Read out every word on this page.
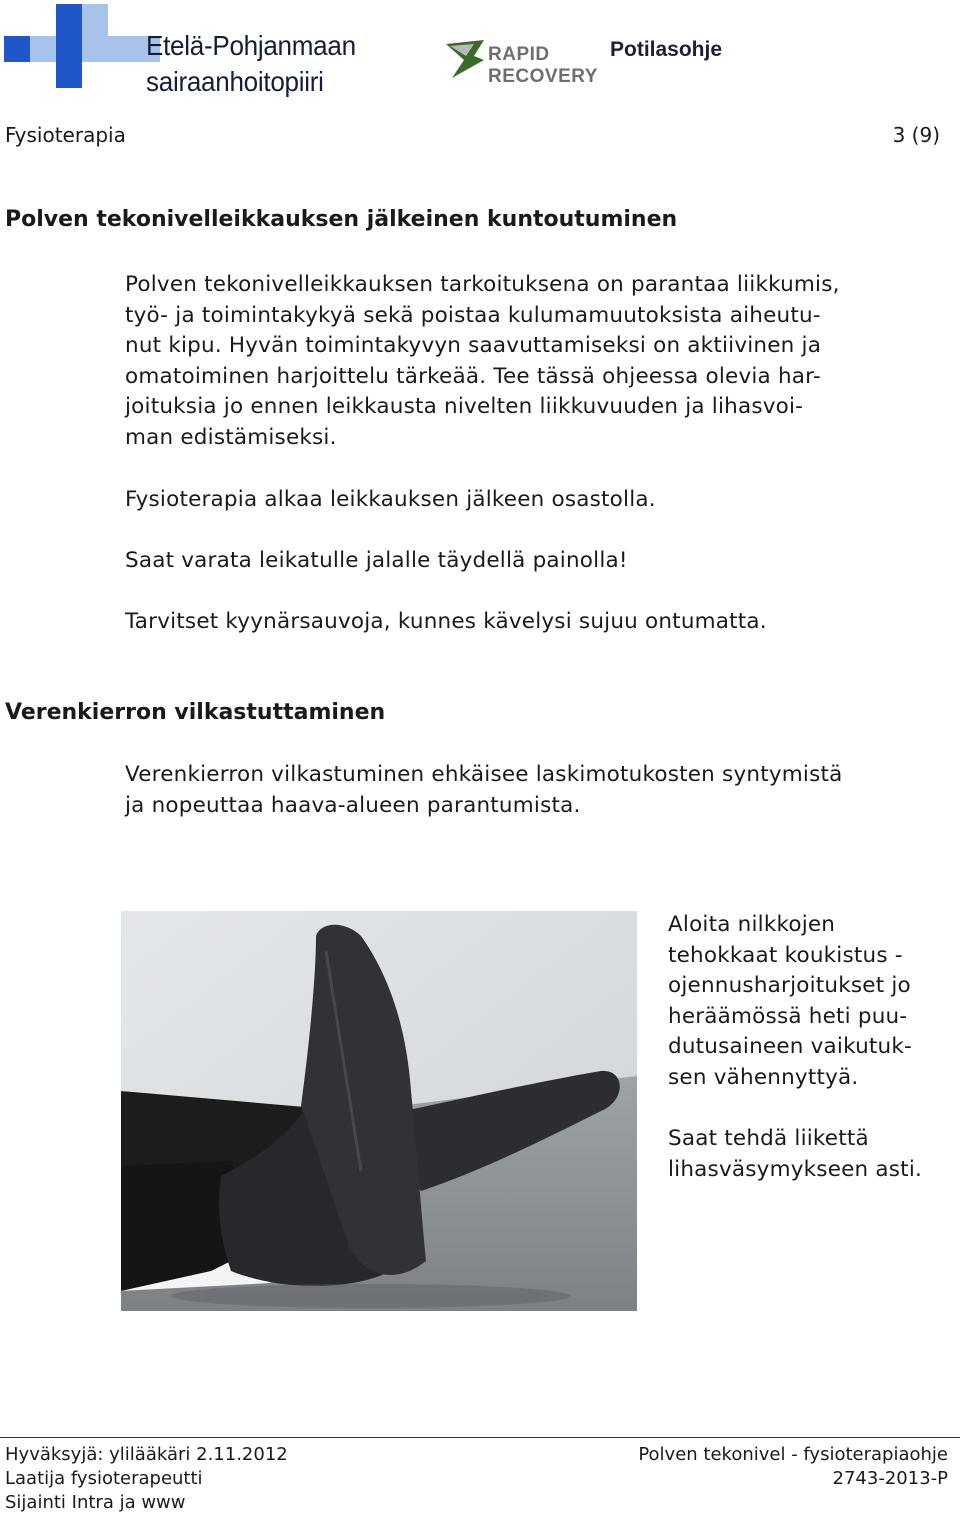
Etelä-Pohjanmaan
sairaanhoitopiiri
RAPID
RECOVERY
Potilasohje
Fysioterapia	3 (9)
Polven tekonivelleikkauksen jälkeinen kuntoutuminen
Polven tekonivelleikkauksen tarkoituksena on parantaa liikkumis,
työ- ja toimintakykyä sekä poistaa kulumamuutoksista aiheutu-
nut kipu. Hyvän toimintakyvyn saavuttamiseksi on aktiivinen ja
omatoiminen harjoittelu tärkeää. Tee tässä ohjeessa olevia har-
joituksia jo ennen leikkausta nivelten liikkuvuuden ja lihasvoi-
man edistämiseksi.
Fysioterapia alkaa leikkauksen jälkeen osastolla.
Saat varata leikatulle jalalle täydellä painolla!
Tarvitset kyynärsauvoja, kunnes kävelysi sujuu ontumatta.
Verenkierron vilkastuttaminen
Verenkierron vilkastuminen ehkäisee laskimotukosten syntymistä
ja nopeuttaa haava-alueen parantumista.
Aloita nilkkojen
tehokkaat koukistus -
ojennusharjoitukset jo
heräämössä heti puu-
dutusaineen vaikutuk-
sen vähennyttyä.
Saat tehdä liikettä
lihasväsymykseen asti.
Hyväksyjä: ylilääkäri 2.11.2012
Laatija fysioterapeutti
Sijainti Intra ja www
Polven tekonivel - fysioterapiaohje
2743-2013-P
